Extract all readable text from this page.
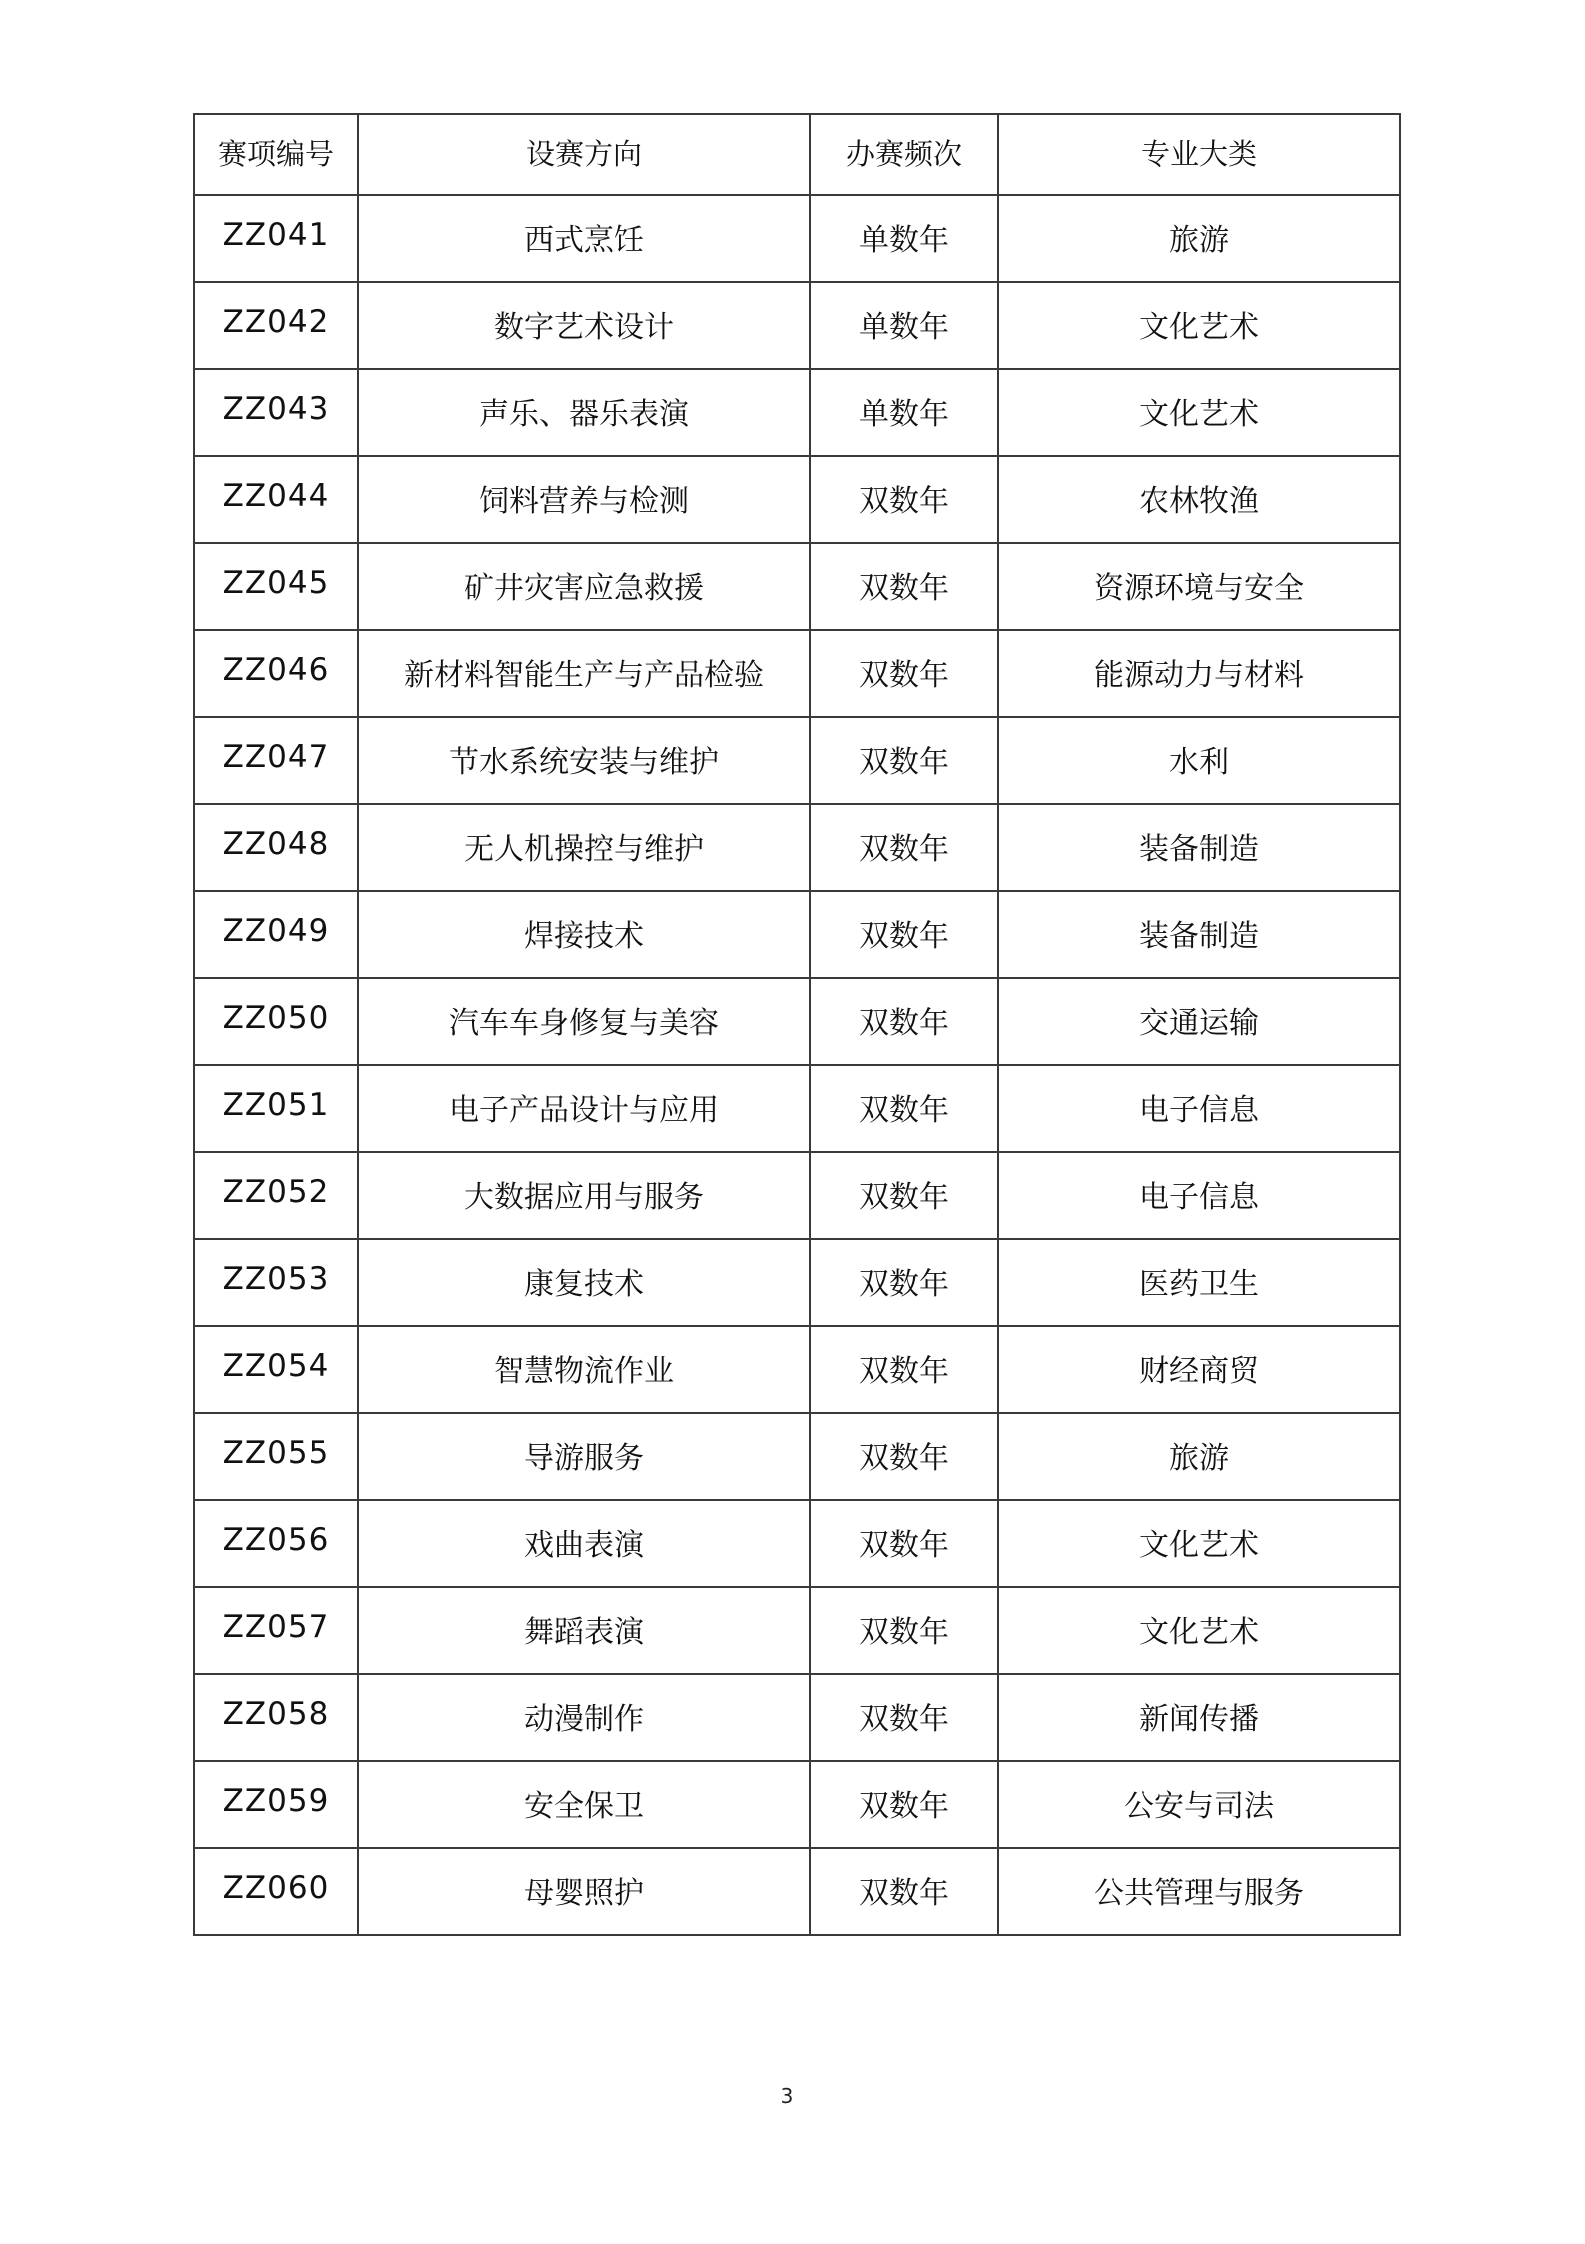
赛项编号	设赛方向	办赛频次	专业大类
ZZ041	西式烹饪	单数年	旅游
ZZ042	数字艺术设计	单数年	文化艺术
ZZ043	声乐、器乐表演	单数年	文化艺术
ZZ044	饲料营养与检测	双数年	农林牧渔
ZZ045	矿井灾害应急救援	双数年	资源环境与安全
ZZ046	新材料智能生产与产品检验	双数年	能源动力与材料
ZZ047	节水系统安装与维护	双数年	水利
ZZ048	无人机操控与维护	双数年	装备制造
ZZ049	焊接技术	双数年	装备制造
ZZ050	汽车车身修复与美容	双数年	交通运输
ZZ051	电子产品设计与应用	双数年	电子信息
ZZ052	大数据应用与服务	双数年	电子信息
ZZ053	康复技术	双数年	医药卫生
ZZ054	智慧物流作业	双数年	财经商贸
ZZ055	导游服务	双数年	旅游
ZZ056	戏曲表演	双数年	文化艺术
ZZ057	舞蹈表演	双数年	文化艺术
ZZ058	动漫制作	双数年	新闻传播
ZZ059	安全保卫	双数年	公安与司法
ZZ060	母婴照护	双数年	公共管理与服务
3
